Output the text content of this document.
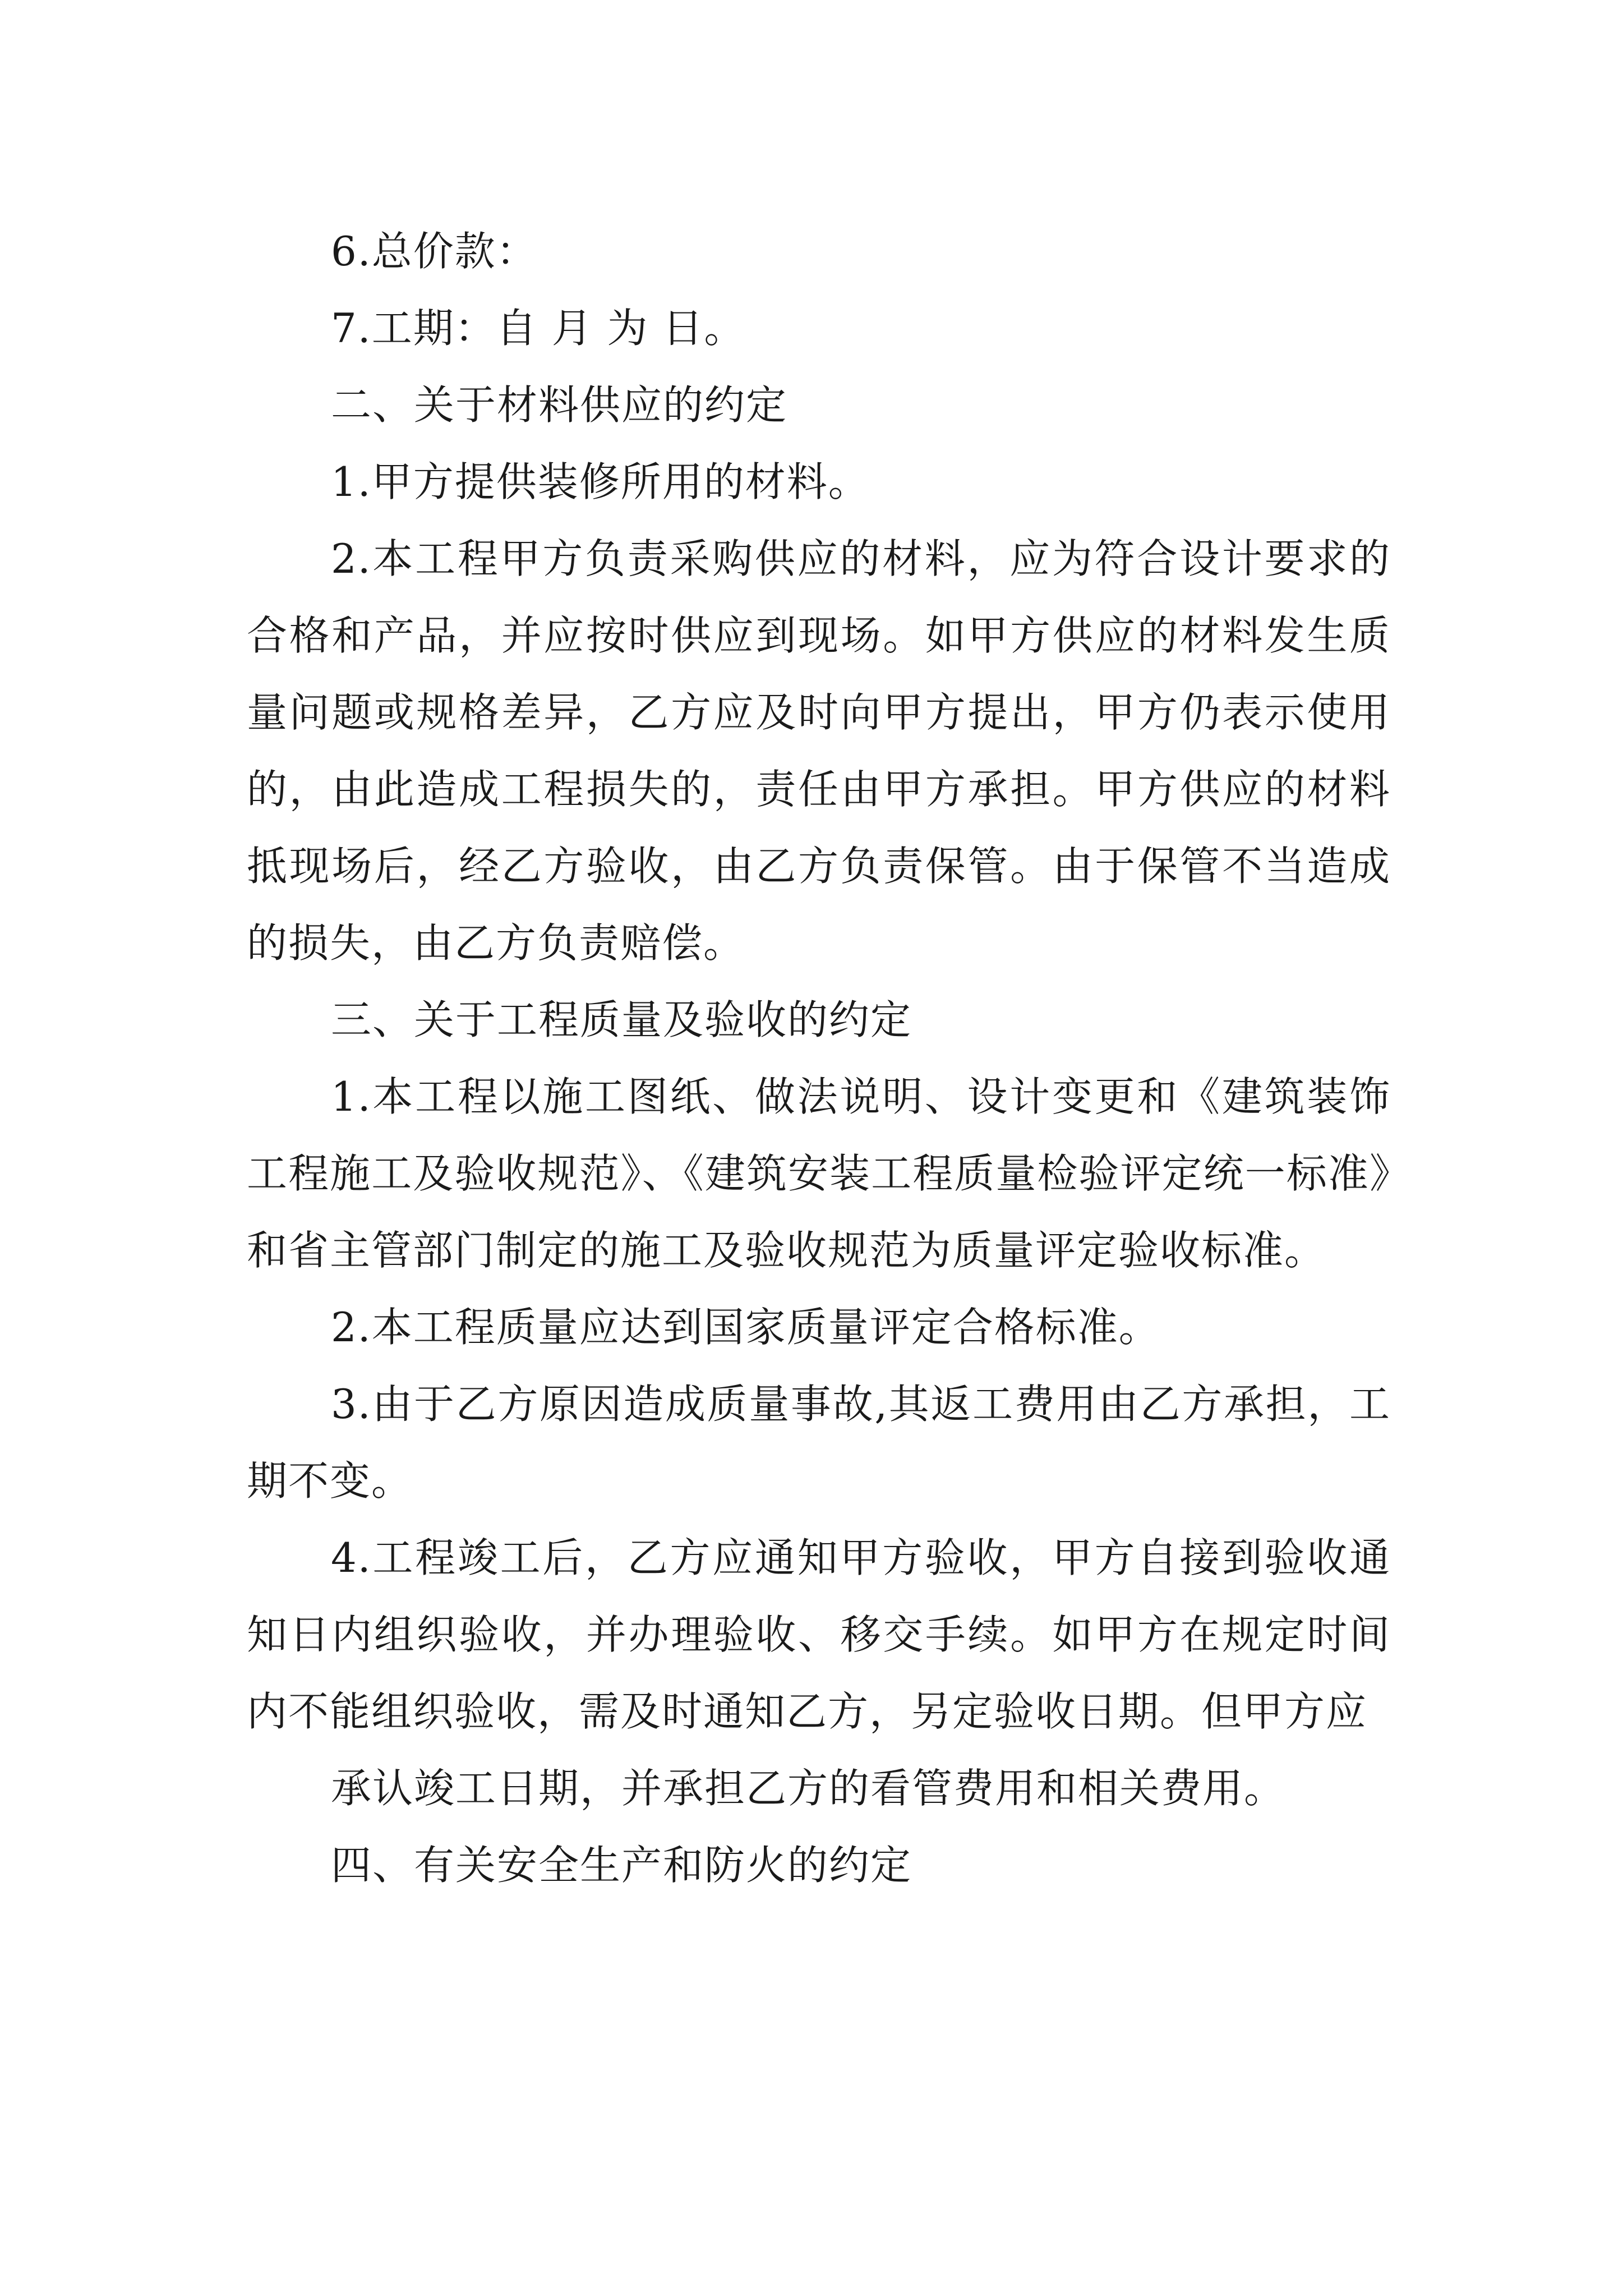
6.总价款：

7.工期：自 月 为 日。

二、关于材料供应的约定

1.甲方提供装修所用的材料。

2.本工程甲方负责采购供应的材料，应为符合设计要求的合格和产品，并应按时供应到现场。如甲方供应的材料发生质量问题或规格差异，乙方应及时向甲方提出，甲方仍表示使用的，由此造成工程损失的，责任由甲方承担。甲方供应的材料抵现场后，经乙方验收，由乙方负责保管。由于保管不当造成的损失，由乙方负责赔偿。

三、关于工程质量及验收的约定

1.本工程以施工图纸、做法说明、设计变更和《建筑装饰工程施工及验收规范》、《建筑安装工程质量检验评定统一标准》和省主管部门制定的施工及验收规范为质量评定验收标准。

2.本工程质量应达到国家质量评定合格标准。

3.由于乙方原因造成质量事故,其返工费用由乙方承担，工期不变。

4.工程竣工后，乙方应通知甲方验收，甲方自接到验收通知日内组织验收，并办理验收、移交手续。如甲方在规定时间内不能组织验收，需及时通知乙方，另定验收日期。但甲方应

承认竣工日期，并承担乙方的看管费用和相关费用。

四、有关安全生产和防火的约定
